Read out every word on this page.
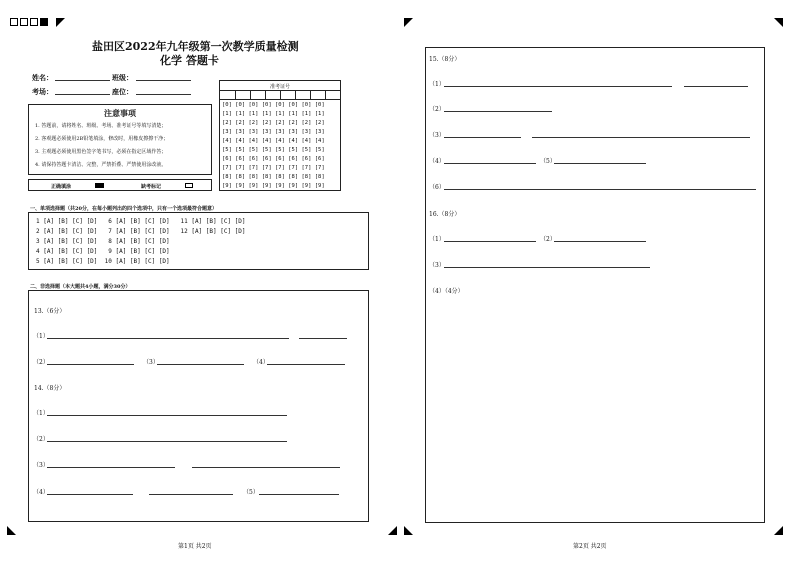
盐田区2022年九年级第一次教学质量检测
化学 答题卡
姓名：	班级：
考场：	座位：	准考证号
[0] [0] [0] [0] [0] [0] [0] [0]
[1] [1] [1] [1] [1] [1] [1] [1]
[2] [2] [2] [2] [2] [2] [2] [2]
[3] [3] [3] [3] [3] [3] [3] [3]
[4] [4] [4] [4] [4] [4] [4] [4]
[5] [5] [5] [5] [5] [5] [5] [5]
[6] [6] [6] [6] [6] [6] [6] [6]
[7] [7] [7] [7] [7] [7] [7] [7]
[8] [8] [8] [8] [8] [8] [8] [8]
[9] [9] [9] [9] [9] [9] [9] [9]
注意事项
1. 答题前，请将姓名、班级、考场、准考证号等填写清楚；
2. 客观题必须使用2B铅笔填涂，修改时，用橡皮擦擦干净；
3. 主观题必须使用黑色签字笔书写，必须在指定区域作答；
4. 请保持答题卡清洁、完整，严禁折叠、严禁使用涂改液。
正确填涂	缺考标记
一、单项选择题（共20分，在每小题列出的四个选项中，只有一个选项最符合题意）
1 [A] [B] [C] [D]   6 [A] [B] [C] [D]   11 [A] [B] [C] [D]
2 [A] [B] [C] [D]   7 [A] [B] [C] [D]   12 [A] [B] [C] [D]
3 [A] [B] [C] [D]   8 [A] [B] [C] [D]
4 [A] [B] [C] [D]   9 [A] [B] [C] [D]
5 [A] [B] [C] [D]  10 [A] [B] [C] [D]
二、非选择题（本大题共4小题，满分30分）
13.（6分）
（1）
（2）	（3）	（4）
14.（8分）
（1）
（2）
（3）
（4）	（5）
第1页 共2页
15.（8分）
（1）
（2）
（3）
（4）	（5）
（6）
16.（8分）
（1）	（2）
（3）
（4）（4分）
第2页 共2页
